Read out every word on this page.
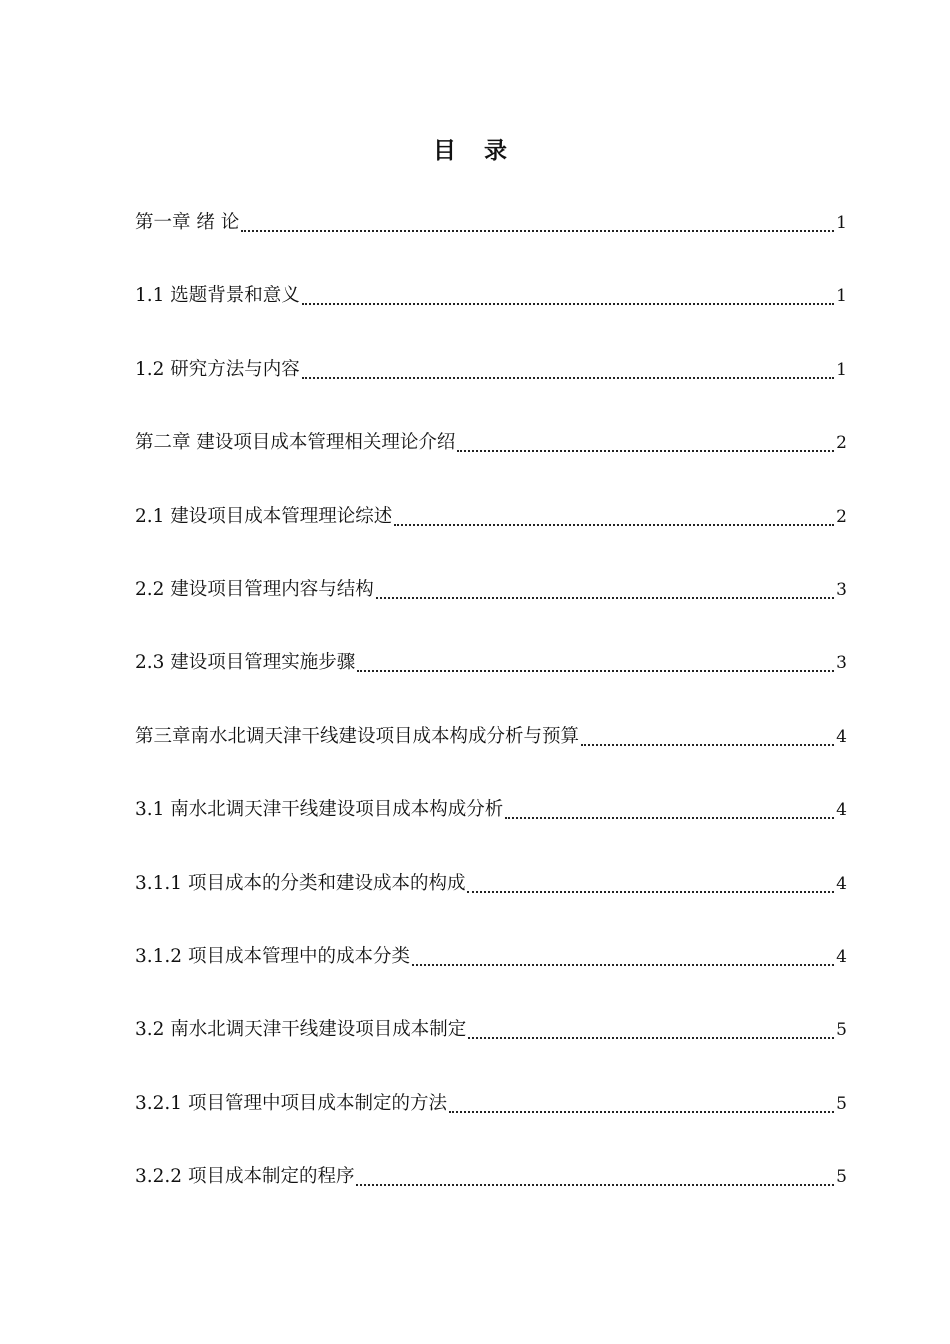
目 录
第一章 绪 论	1
1.1 选题背景和意义	1
1.2 研究方法与内容	1
第二章 建设项目成本管理相关理论介绍	2
2.1 建设项目成本管理理论综述	2
2.2 建设项目管理内容与结构	3
2.3 建设项目管理实施步骤	3
第三章南水北调天津干线建设项目成本构成分析与预算	4
3.1 南水北调天津干线建设项目成本构成分析	4
3.1.1 项目成本的分类和建设成本的构成	4
3.1.2 项目成本管理中的成本分类	4
3.2 南水北调天津干线建设项目成本制定	5
3.2.1 项目管理中项目成本制定的方法	5
3.2.2 项目成本制定的程序	5
